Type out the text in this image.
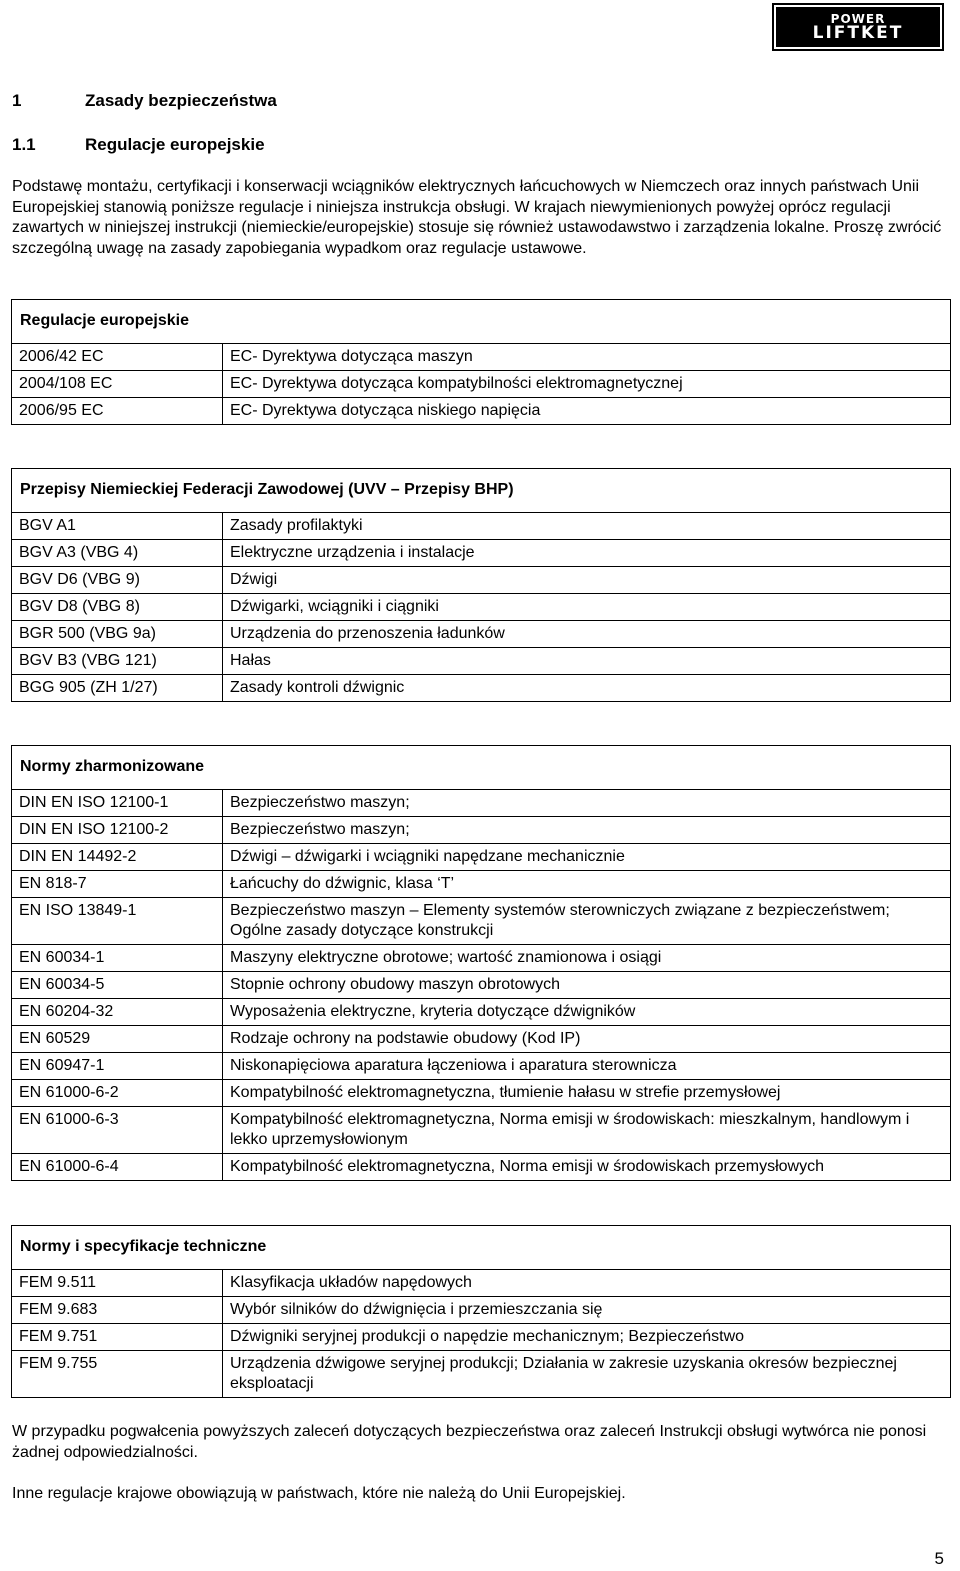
POWER
LIFTKET
1	Zasady bezpieczeństwa
1.1	Regulacje europejskie

Podstawę montażu, certyfikacji i konserwacji wciągników elektrycznych łańcuchowych w Niemczech oraz innych państwach Unii Europejskiej stanowią poniższe regulacje i niniejsza instrukcja obsługi. W krajach niewymienionych powyżej oprócz regulacji zawartych w niniejszej instrukcji (niemieckie/europejskie) stosuje się również ustawodawstwo i zarządzenia lokalne. Proszę zwrócić szczególną uwagę na zasady zapobiegania wypadkom oraz regulacje ustawowe.

Regulacje europejskie
2006/42 EC	EC- Dyrektywa dotycząca maszyn
2004/108 EC	EC- Dyrektywa dotycząca kompatybilności elektromagnetycznej
2006/95 EC	EC- Dyrektywa dotycząca niskiego napięcia
Przepisy Niemieckiej Federacji Zawodowej (UVV – Przepisy BHP)
BGV A1	Zasady profilaktyki
BGV A3 (VBG 4)	Elektryczne urządzenia i instalacje
BGV D6 (VBG 9)	Dźwigi
BGV D8 (VBG 8)	Dźwigarki, wciągniki i ciągniki
BGR 500 (VBG 9a)	Urządzenia do przenoszenia ładunków
BGV B3 (VBG 121)	Hałas
BGG 905 (ZH 1/27)	Zasady kontroli dźwignic
Normy zharmonizowane
DIN EN ISO 12100-1	Bezpieczeństwo maszyn;
DIN EN ISO 12100-2	Bezpieczeństwo maszyn;
DIN EN 14492-2	Dźwigi – dźwigarki i wciągniki napędzane mechanicznie
EN 818-7	Łańcuchy do dźwignic, klasa ‘T’
EN ISO 13849-1	Bezpieczeństwo maszyn – Elementy systemów sterowniczych związane z bezpieczeństwem; Ogólne zasady dotyczące konstrukcji
EN 60034-1	Maszyny elektryczne obrotowe; wartość znamionowa i osiągi
EN 60034-5	Stopnie ochrony obudowy maszyn obrotowych
EN 60204-32	Wyposażenia elektryczne, kryteria dotyczące dźwigników
EN 60529	Rodzaje ochrony na podstawie obudowy (Kod IP)
EN 60947-1	Niskonapięciowa aparatura łączeniowa i aparatura sterownicza
EN 61000-6-2	Kompatybilność elektromagnetyczna, tłumienie hałasu w strefie przemysłowej
EN 61000-6-3	Kompatybilność elektromagnetyczna, Norma emisji w środowiskach: mieszkalnym, handlowym i lekko uprzemysłowionym
EN 61000-6-4	Kompatybilność elektromagnetyczna, Norma emisji w środowiskach przemysłowych
Normy i specyfikacje techniczne
FEM 9.511	Klasyfikacja układów napędowych
FEM 9.683	Wybór silników do dźwignięcia i przemieszczania się
FEM 9.751	Dźwigniki seryjnej produkcji o napędzie mechanicznym; Bezpieczeństwo
FEM 9.755	Urządzenia dźwigowe seryjnej produkcji; Działania w zakresie uzyskania okresów bezpiecznej eksploatacji

W przypadku pogwałcenia powyższych zaleceń dotyczących bezpieczeństwa oraz zaleceń Instrukcji obsługi wytwórca nie ponosi żadnej odpowiedzialności.

Inne regulacje krajowe obowiązują w państwach, które nie należą do Unii Europejskiej.

5
